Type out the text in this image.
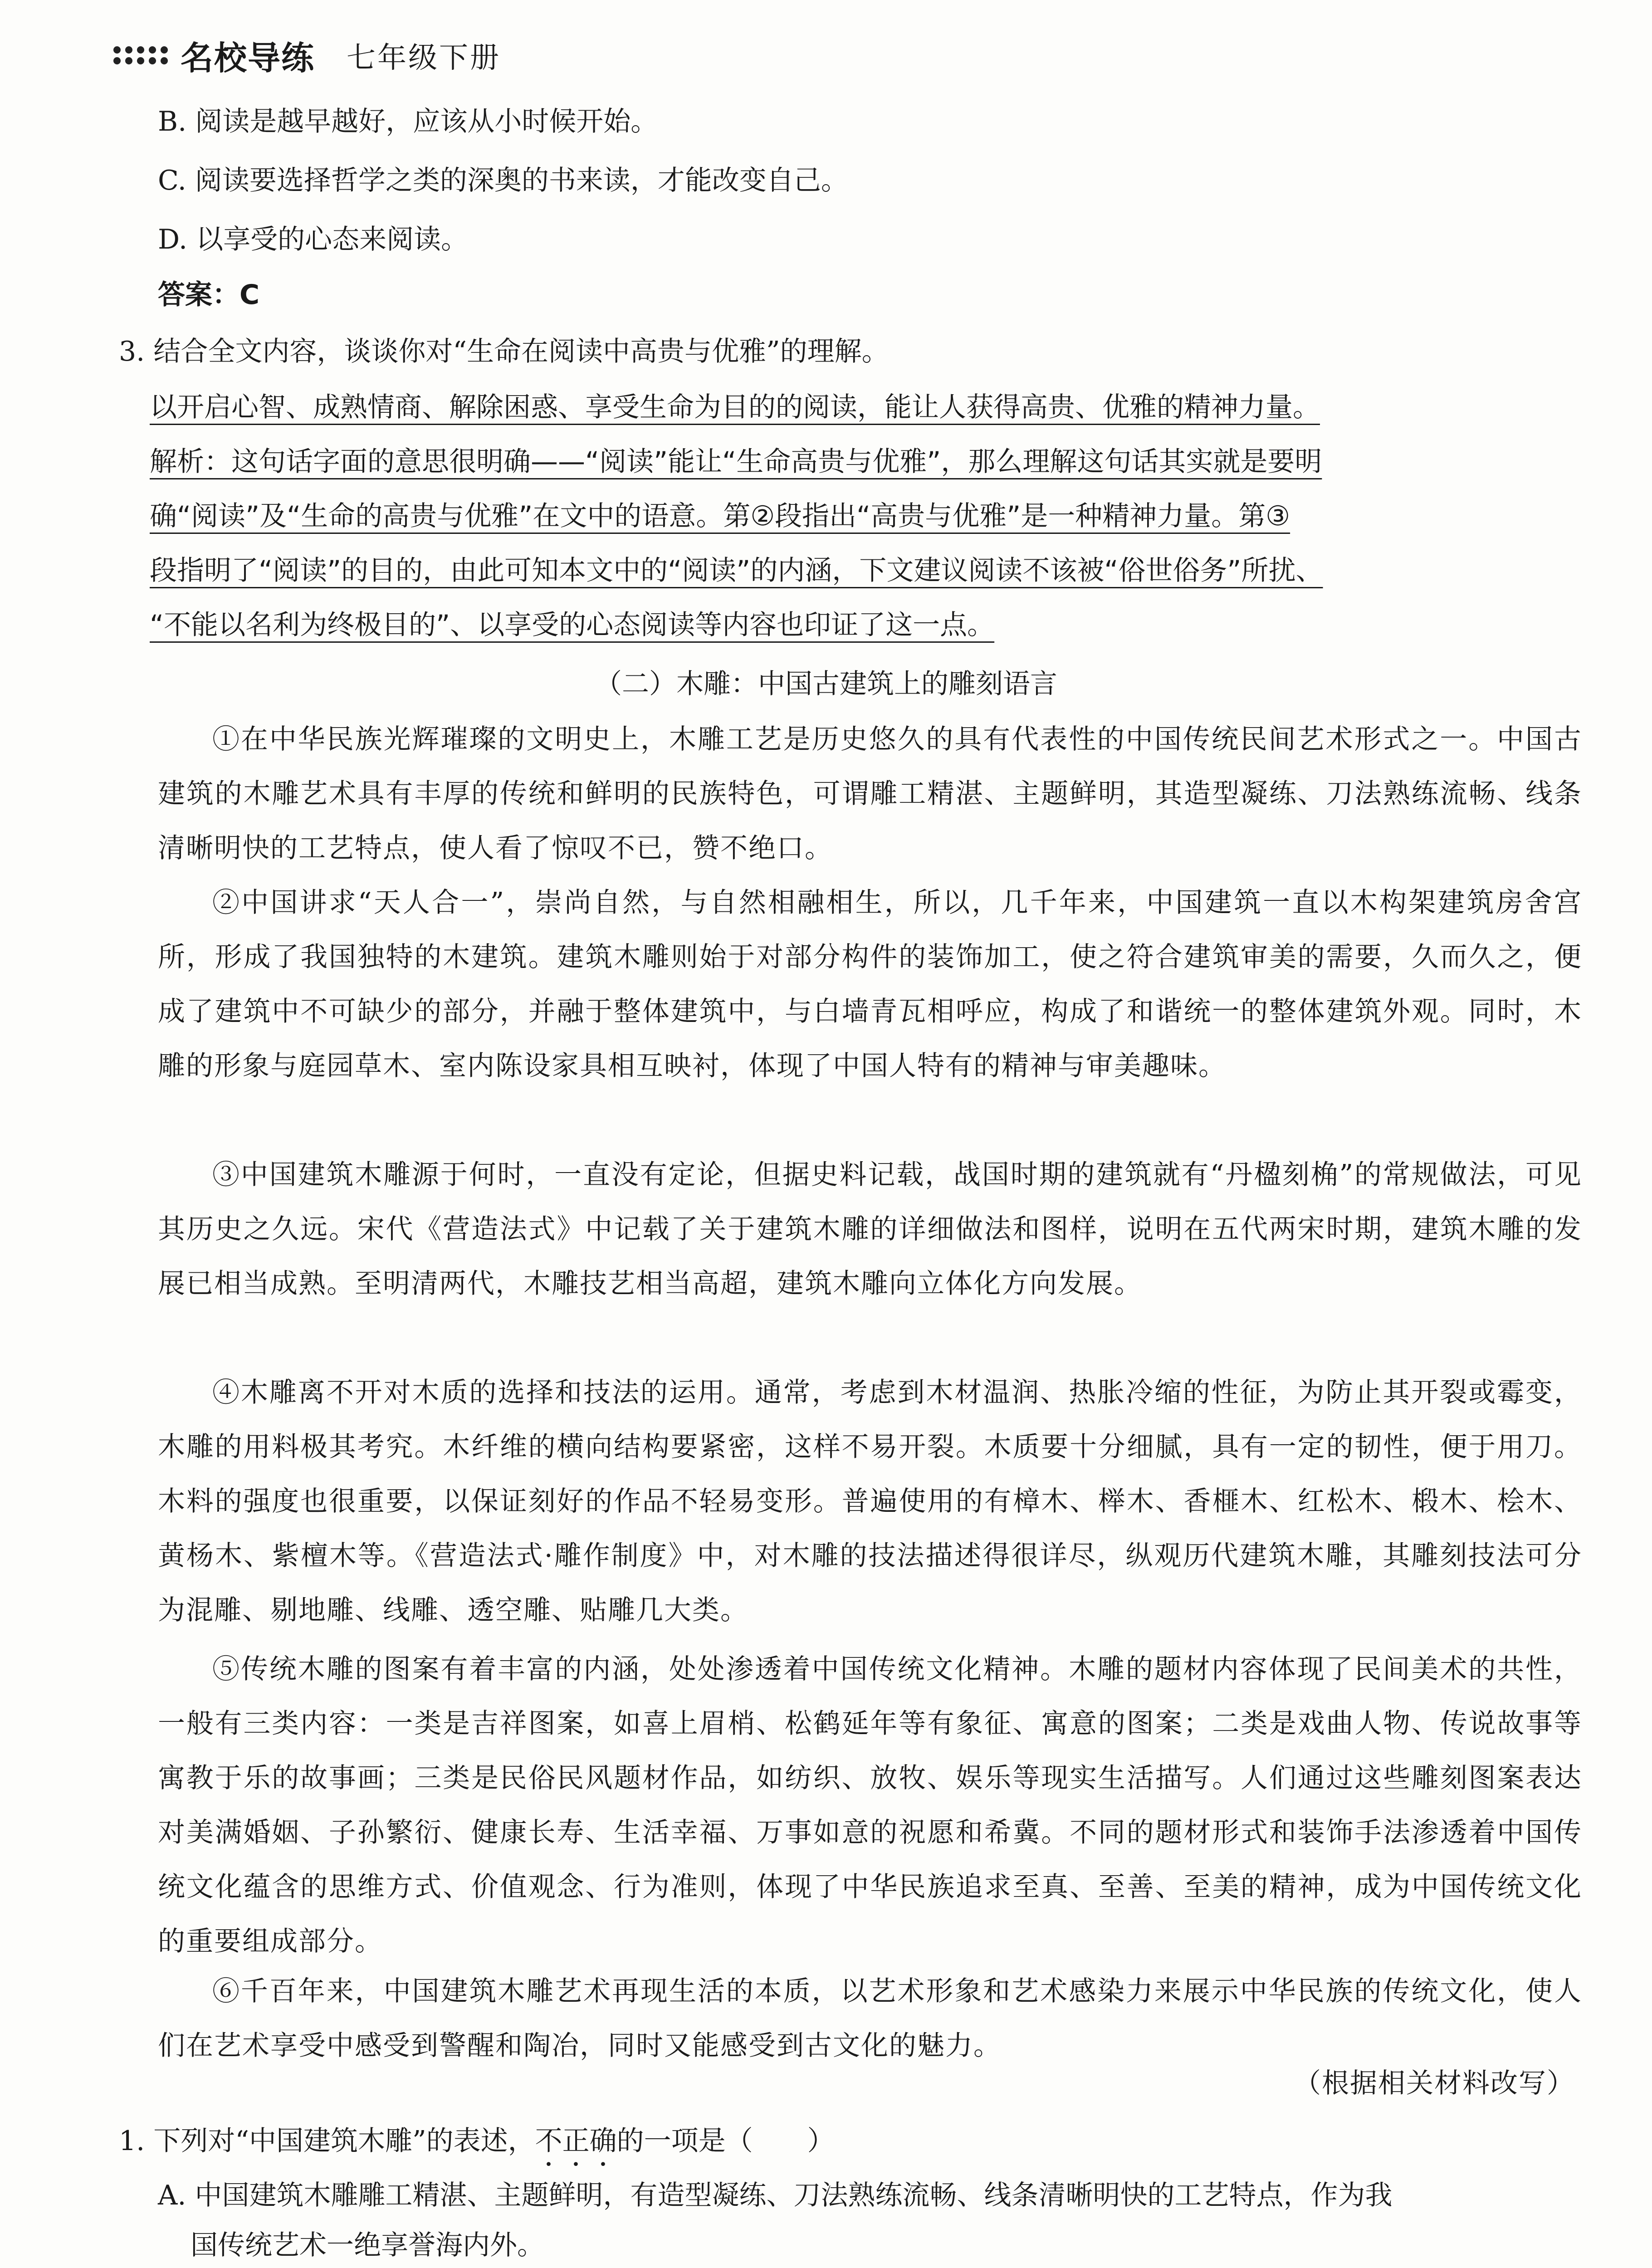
名校导练 七年级下册
B. 阅读是越早越好，应该从小时候开始。
C. 阅读要选择哲学之类的深奥的书来读，才能改变自己。
D. 以享受的心态来阅读。
答案：C
3. 结合全文内容，谈谈你对“生命在阅读中高贵与优雅”的理解。
以开启心智、成熟情商、解除困惑、享受生命为目的的阅读，能让人获得高贵、优雅的精神力量。
解析：这句话字面的意思很明确——“阅读”能让“生命高贵与优雅”，那么理解这句话其实就是要明
确“阅读”及“生命的高贵与优雅”在文中的语意。第②段指出“高贵与优雅”是一种精神力量。第③
段指明了“阅读”的目的，由此可知本文中的“阅读”的内涵，下文建议阅读不该被“俗世俗务”所扰、
“不能以名利为终极目的”、以享受的心态阅读等内容也印证了这一点。
（二）木雕：中国古建筑上的雕刻语言
①在中华民族光辉璀璨的文明史上，木雕工艺是历史悠久的具有代表性的中国传统民间艺术形式之一。中国古建筑的木雕艺术具有丰厚的传统和鲜明的民族特色，可谓雕工精湛、主题鲜明，其造型凝练、刀法熟练流畅、线条清晰明快的工艺特点，使人看了惊叹不已，赞不绝口。
②中国讲求“天人合一”，崇尚自然，与自然相融相生，所以，几千年来，中国建筑一直以木构架建筑房舍宫所，形成了我国独特的木建筑。建筑木雕则始于对部分构件的装饰加工，使之符合建筑审美的需要，久而久之，便成了建筑中不可缺少的部分，并融于整体建筑中，与白墙青瓦相呼应，构成了和谐统一的整体建筑外观。同时，木雕的形象与庭园草木、室内陈设家具相互映衬，体现了中国人特有的精神与审美趣味。
③中国建筑木雕源于何时，一直没有定论，但据史料记载，战国时期的建筑就有“丹楹刻桷”的常规做法，可见其历史之久远。宋代《营造法式》中记载了关于建筑木雕的详细做法和图样，说明在五代两宋时期，建筑木雕的发展已相当成熟。至明清两代，木雕技艺相当高超，建筑木雕向立体化方向发展。
④木雕离不开对木质的选择和技法的运用。通常，考虑到木材温润、热胀冷缩的性征，为防止其开裂或霉变，木雕的用料极其考究。木纤维的横向结构要紧密，这样不易开裂。木质要十分细腻，具有一定的韧性，便于用刀。木料的强度也很重要，以保证刻好的作品不轻易变形。普遍使用的有樟木、榉木、香榧木、红松木、椴木、桧木、黄杨木、紫檀木等。《营造法式·雕作制度》中，对木雕的技法描述得很详尽，纵观历代建筑木雕，其雕刻技法可分为混雕、剔地雕、线雕、透空雕、贴雕几大类。
⑤传统木雕的图案有着丰富的内涵，处处渗透着中国传统文化精神。木雕的题材内容体现了民间美术的共性，一般有三类内容：一类是吉祥图案，如喜上眉梢、松鹤延年等有象征、寓意的图案；二类是戏曲人物、传说故事等寓教于乐的故事画；三类是民俗民风题材作品，如纺织、放牧、娱乐等现实生活描写。人们通过这些雕刻图案表达对美满婚姻、子孙繁衍、健康长寿、生活幸福、万事如意的祝愿和希冀。不同的题材形式和装饰手法渗透着中国传统文化蕴含的思维方式、价值观念、行为准则，体现了中华民族追求至真、至善、至美的精神，成为中国传统文化的重要组成部分。
⑥千百年来，中国建筑木雕艺术再现生活的本质，以艺术形象和艺术感染力来展示中华民族的传统文化，使人们在艺术享受中感受到警醒和陶冶，同时又能感受到古文化的魅力。
（根据相关材料改写）
1. 下列对“中国建筑木雕”的表述，不正确的一项是（　　）
A. 中国建筑木雕雕工精湛、主题鲜明，有造型凝练、刀法熟练流畅、线条清晰明快的工艺特点，作为我
国传统艺术一绝享誉海内外。
